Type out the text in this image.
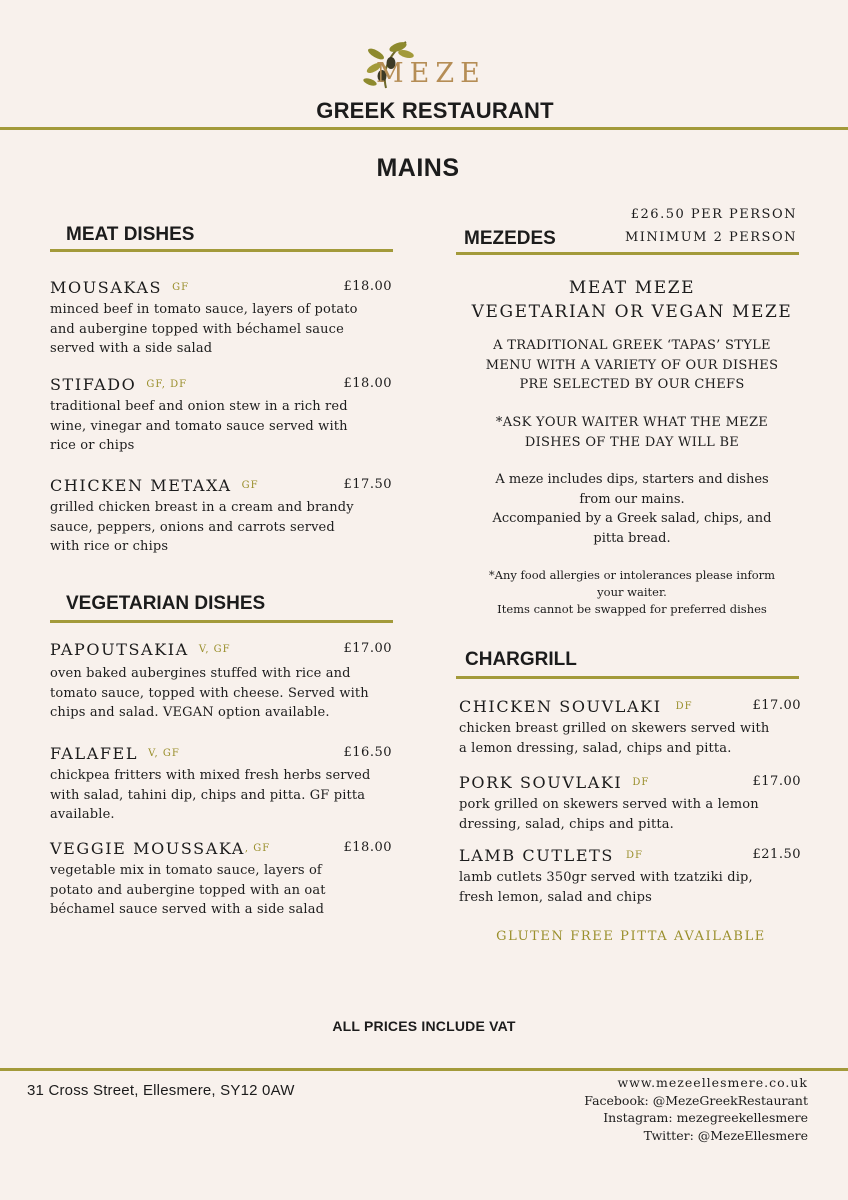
MEZE
GREEK RESTAURANT
MAINS
MEAT DISHES
MOUSAKAS GF	£18.00
minced beef in tomato sauce, layers of potato
and aubergine topped with béchamel sauce
served with a side salad
STIFADO GF, DF	£18.00
traditional beef and onion stew in a rich red
wine, vinegar and tomato sauce served with
rice or chips
CHICKEN METAXA GF	£17.50
grilled chicken breast in a cream and brandy
sauce, peppers, onions and carrots served
with rice or chips
VEGETARIAN DISHES
PAPOUTSAKIA V, GF	£17.00
oven baked aubergines stuffed with rice and
tomato sauce, topped with cheese. Served with
chips and salad. VEGAN option available.
FALAFEL V, GF	£16.50
chickpea fritters with mixed fresh herbs served
with salad, tahini dip, chips and pitta. GF pitta
available.
VEGGIE MOUSSAKA, GF	£18.00
vegetable mix in tomato sauce, layers of
potato and aubergine topped with an oat
béchamel sauce served with a side salad
MEZEDES
£26.50 PER PERSON
MINIMUM 2 PERSON
MEAT MEZE
VEGETARIAN OR VEGAN MEZE
A TRADITIONAL GREEK ‘TAPAS’ STYLE
MENU WITH A VARIETY OF OUR DISHES
PRE SELECTED BY OUR CHEFS
*ASK YOUR WAITER WHAT THE MEZE
DISHES OF THE DAY WILL BE
A meze includes dips, starters and dishes
from our mains.
Accompanied by a Greek salad, chips, and
pitta bread.
*Any food allergies or intolerances please inform
your waiter.
Items cannot be swapped for preferred dishes
CHARGRILL
CHICKEN SOUVLAKI DF	£17.00
chicken breast grilled on skewers served with
a lemon dressing, salad, chips and pitta.
PORK SOUVLAKI DF	£17.00
pork grilled on skewers served with a lemon
dressing, salad, chips and pitta.
LAMB CUTLETS DF	£21.50
lamb cutlets 350gr served with tzatziki dip,
fresh lemon, salad and chips
GLUTEN FREE PITTA AVAILABLE
ALL PRICES INCLUDE VAT
31 Cross Street, Ellesmere, SY12 0AW	www.mezeellesmere.co.uk
Facebook: @MezeGreekRestaurant
Instagram: mezegreekellesmere
Twitter: @MezeEllesmere
